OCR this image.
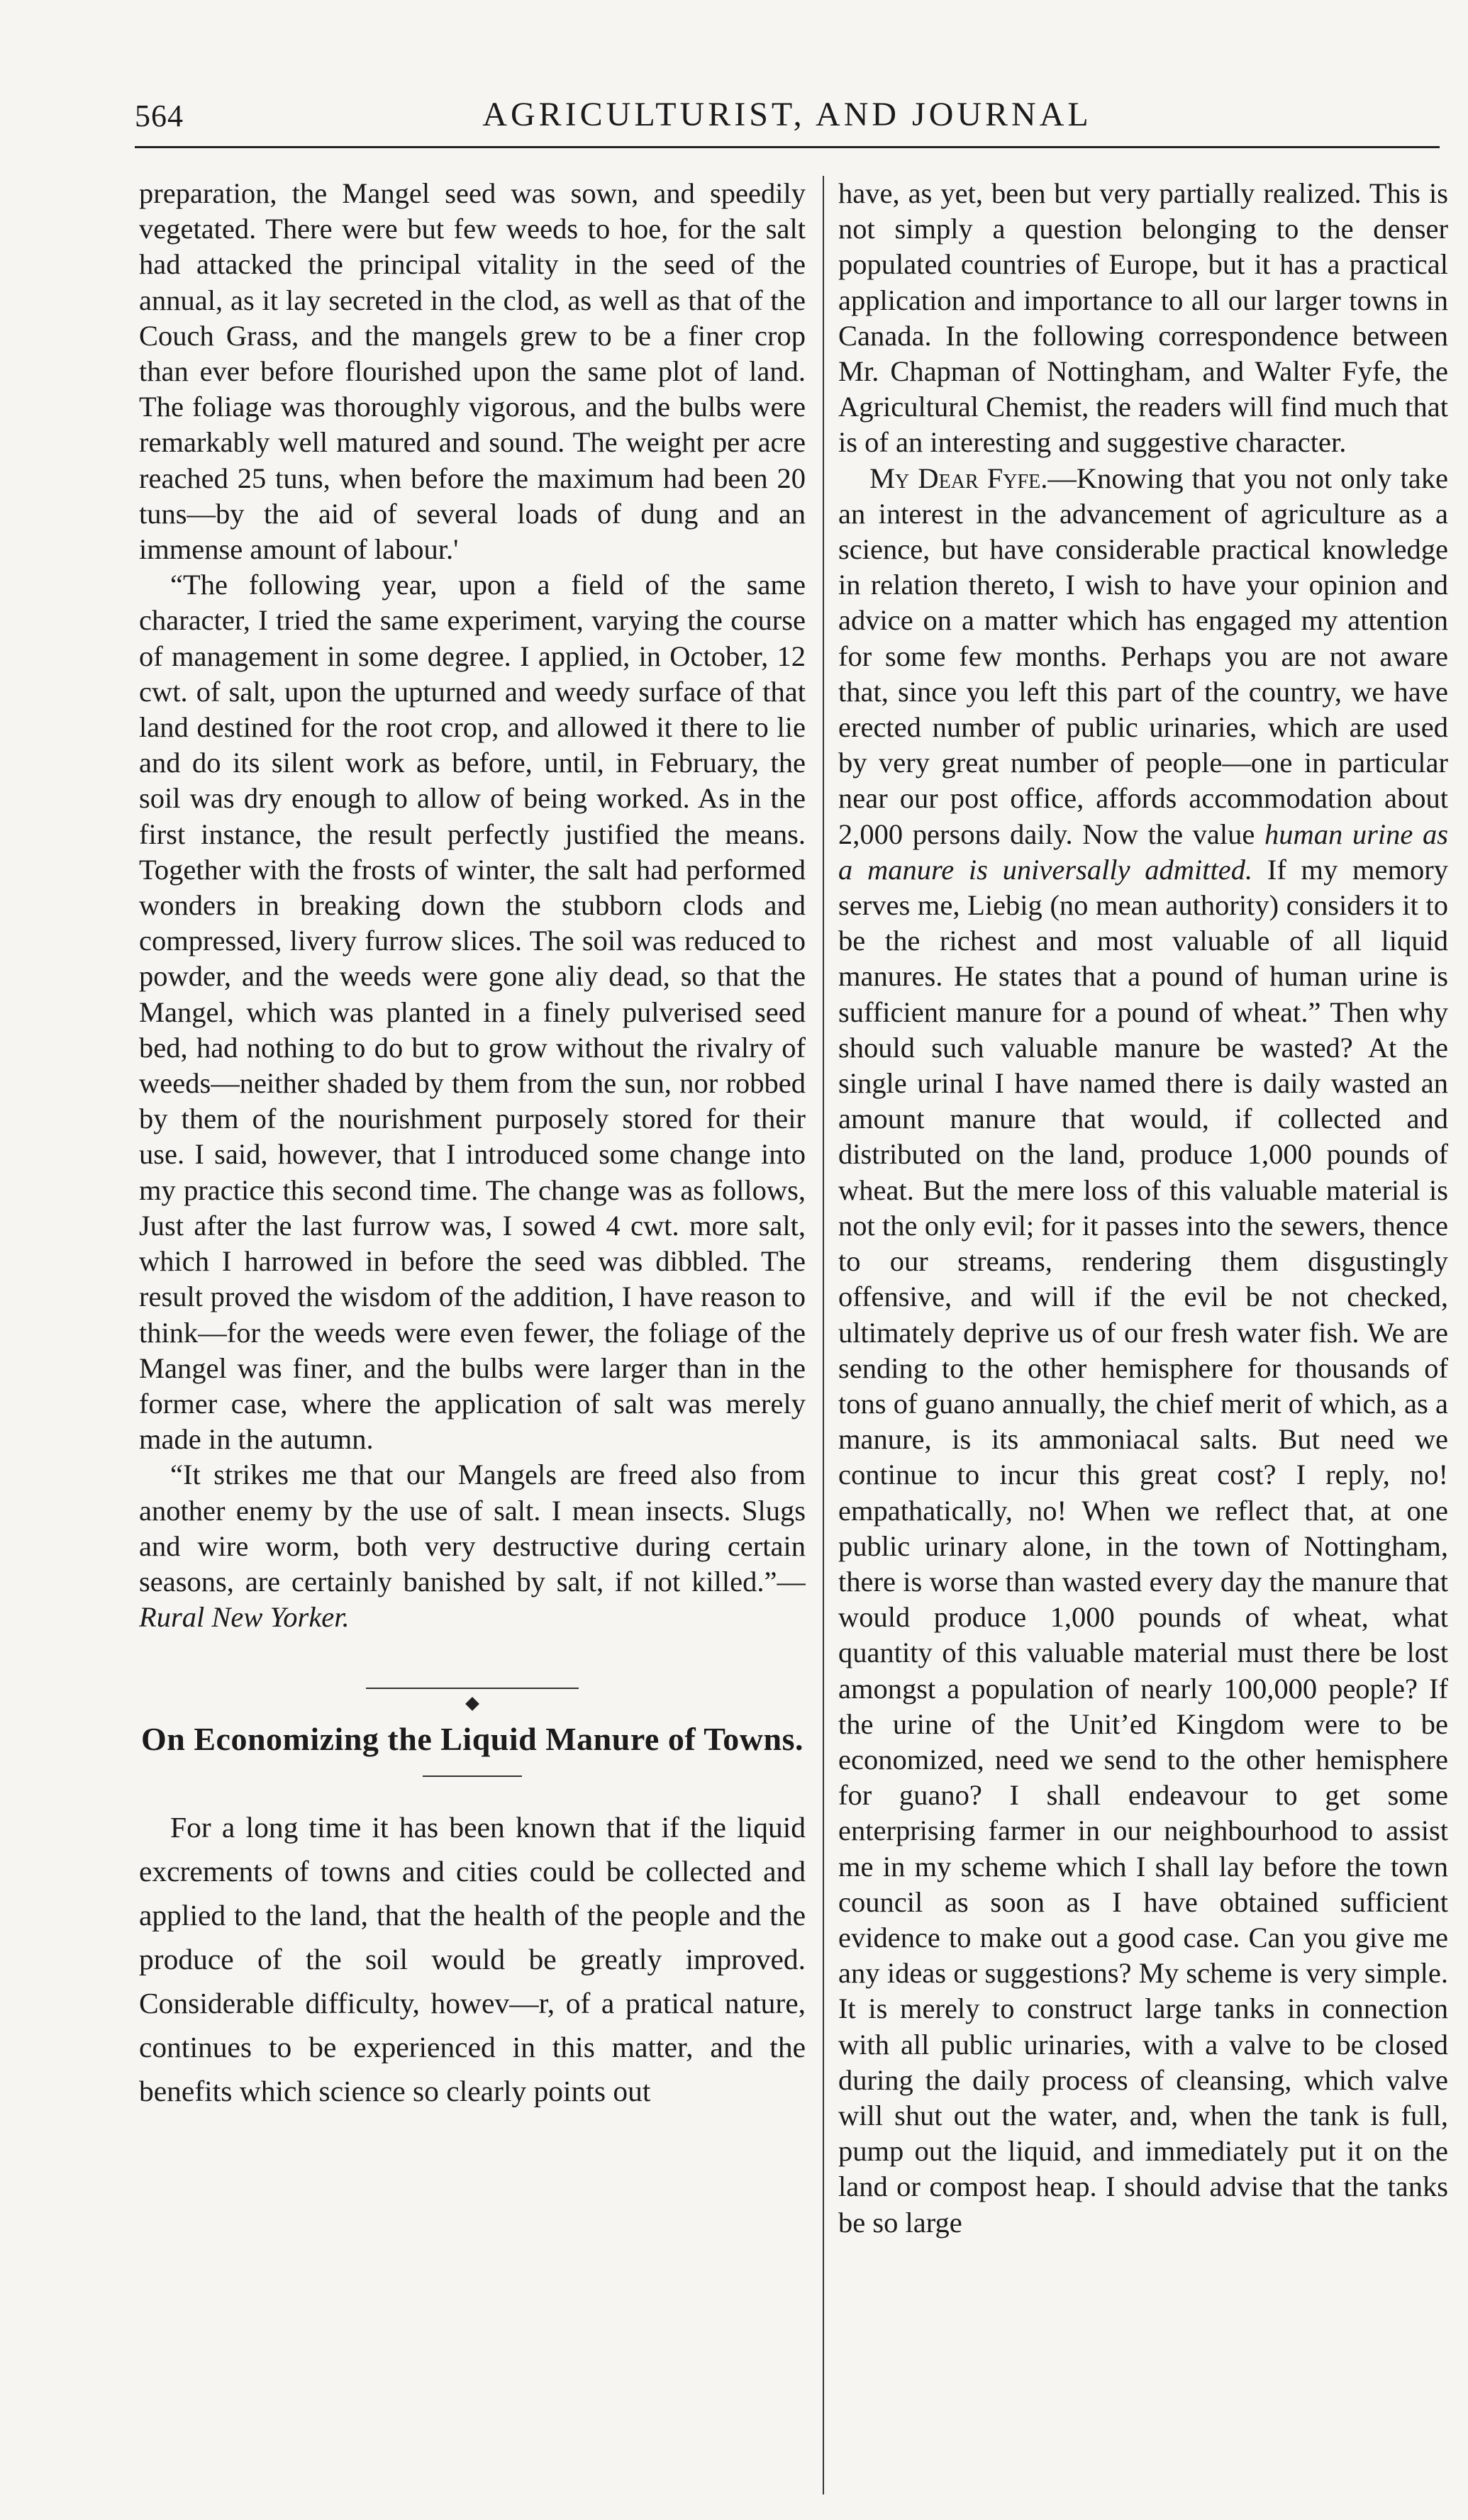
564	AGRICULTURIST, AND JOURNAL

preparation, the Mangel seed was sown, and speedily vegetated. There were but few weeds to hoe, for the salt had attacked the principal vitality in the seed of the annual, as it lay secreted in the clod, as well as that of the Couch Grass, and the mangels grew to be a finer crop than ever before flourished upon the same plot of land. The foliage was thoroughly vigorous, and the bulbs were remarkably well matured and sound. The weight per acre reached 25 tuns, when before the maximum had been 20 tuns—by the aid of several loads of dung and an immense amount of labour.'

“The following year, upon a field of the same character, I tried the same experiment, varying the course of management in some degree. I applied, in October, 12 cwt. of salt, upon the upturned and weedy surface of that land destined for the root crop, and allowed it there to lie and do its silent work as before, until, in February, the soil was dry enough to allow of being worked. As in the first instance, the result perfectly justified the means. Together with the frosts of winter, the salt had performed wonders in breaking down the stubborn clods and compressed, livery furrow slices. The soil was reduced to powder, and the weeds were gone aliy dead, so that the Mangel, which was planted in a finely pulverised seed bed, had nothing to do but to grow without the rivalry of weeds—neither shaded by them from the sun, nor robbed by them of the nourishment purposely stored for their use. I said, however, that I introduced some change into my practice this second time. The change was as follows, Just after the last furrow was, I sowed 4 cwt. more salt, which I harrowed in before the seed was dibbled. The result proved the wisdom of the addition, I have reason to think—for the weeds were even fewer, the foliage of the Mangel was finer, and the bulbs were larger than in the former case, where the application of salt was merely made in the autumn.

“It strikes me that our Mangels are freed also from another enemy by the use of salt. I mean insects. Slugs and wire worm, both very destructive during certain seasons, are certainly banished by salt, if not killed.”—Rural New Yorker.

On Economizing the Liquid Manure of Towns.

For a long time it has been known that if the liquid excrements of towns and cities could be collected and applied to the land, that the health of the people and the produce of the soil would be greatly improved. Considerable difficulty, howev—r, of a pratical nature, continues to be experienced in this matter, and the benefits which science so clearly points out

have, as yet, been but very partially realized. This is not simply a question belonging to the denser populated countries of Europe, but it has a practical application and importance to all our larger towns in Canada. In the following correspondence between Mr. Chapman of Nottingham, and Walter Fyfe, the Agricultural Chemist, the readers will find much that is of an interesting and suggestive character.

My Dear Fyfe.—Knowing that you not only take an interest in the advancement of agriculture as a science, but have considerable practical knowledge in relation thereto, I wish to have your opinion and advice on a matter which has engaged my attention for some few months. Perhaps you are not aware that, since you left this part of the country, we have erected number of public urinaries, which are used by very great number of people—one in particular near our post office, affords accommodation about 2,000 persons daily. Now the value human urine as a manure is universally admitted. If my memory serves me, Liebig (no mean authority) considers it to be the richest and most valuable of all liquid manures. He states that a pound of human urine is sufficient manure for a pound of wheat.” Then why should such valuable manure be wasted? At the single urinal I have named there is daily wasted an amount manure that would, if collected and distributed on the land, produce 1,000 pounds of wheat. But the mere loss of this valuable material is not the only evil; for it passes into the sewers, thence to our streams, rendering them disgustingly offensive, and will if the evil be not checked, ultimately deprive us of our fresh water fish. We are sending to the other hemisphere for thousands of tons of guano annually, the chief merit of which, as a manure, is its ammoniacal salts. But need we continue to incur this great cost? I reply, no! empathatically, no! When we reflect that, at one public urinary alone, in the town of Nottingham, there is worse than wasted every day the manure that would produce 1,000 pounds of wheat, what quantity of this valuable material must there be lost amongst a population of nearly 100,000 people? If the urine of the Unit’ed Kingdom were to be economized, need we send to the other hemisphere for guano? I shall endeavour to get some enterprising farmer in our neighbourhood to assist me in my scheme which I shall lay before the town council as soon as I have obtained sufficient evidence to make out a good case. Can you give me any ideas or suggestions? My scheme is very simple. It is merely to construct large tanks in connection with all public urinaries, with a valve to be closed during the daily process of cleansing, which valve will shut out the water, and, when the tank is full, pump out the liquid, and immediately put it on the land or compost heap. I should advise that the tanks be so large
